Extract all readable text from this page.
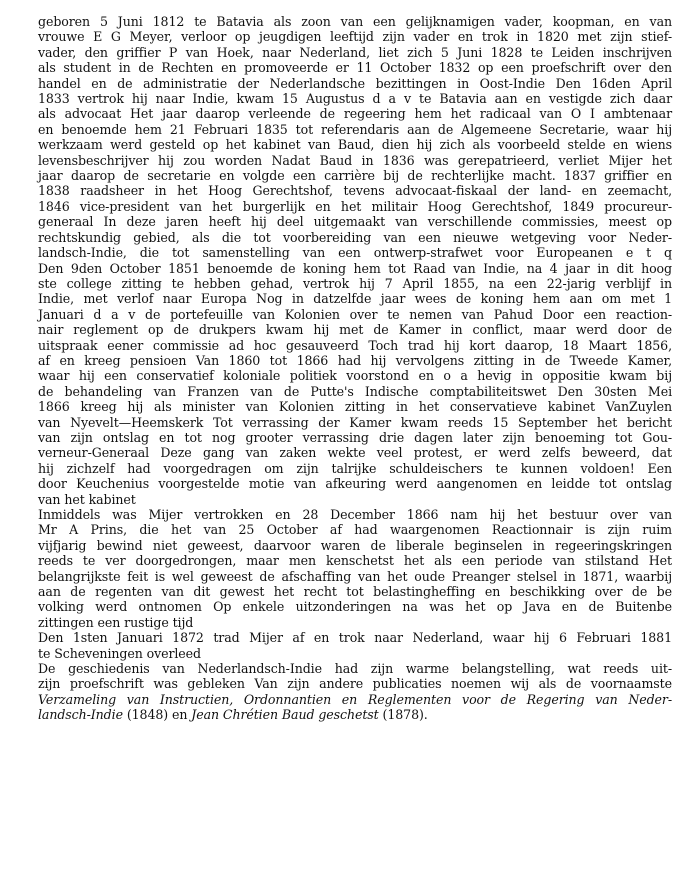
geboren 5 Juni 1812 te Batavia als zoon van een gelijknamigen vader, koopman, en van
vrouwe E G Meyer, verloor op jeugdigen leeftijd zijn vader en trok in 1820 met zijn stief-
vader, den griffier P van Hoek, naar Nederland, liet zich 5 Juni 1828 te Leiden inschrijven
als student in de Rechten en promoveerde er 11 October 1832 op een proefschrift over den
handel en de administratie der Nederlandsche bezittingen in Oost-Indie Den 16den April
1833 vertrok hij naar Indie, kwam 15 Augustus d a v te Batavia aan en vestigde zich daar
als advocaat Het jaar daarop verleende de regeering hem het radicaal van O I ambtenaar
en benoemde hem 21 Februari 1835 tot referendaris aan de Algemeene Secretarie, waar hij
werkzaam werd gesteld op het kabinet van Baud, dien hij zich als voorbeeld stelde en wiens
levensbeschrijver hij zou worden Nadat Baud in 1836 was gerepatrieerd, verliet Mijer het
jaar daarop de secretarie en volgde een carrière bij de rechterlijke macht. 1837 griffier en
1838 raadsheer in het Hoog Gerechtshof, tevens advocaat-fiskaal der land- en zeemacht,
1846 vice-president van het burgerlijk en het militair Hoog Gerechtshof, 1849 procureur-
generaal In deze jaren heeft hij deel uitgemaakt van verschillende commissies, meest op
rechtskundig gebied, als die tot voorbereiding van een nieuwe wetgeving voor Neder-
landsch-Indie, die tot samenstelling van een ontwerp-strafwet voor Europeanen e t q
Den 9den October 1851 benoemde de koning hem tot Raad van Indie, na 4 jaar in dit hoog
ste college zitting te hebben gehad, vertrok hij 7 April 1855, na een 22-jarig verblijf in
Indie, met verlof naar Europa Nog in datzelfde jaar wees de koning hem aan om met 1
Januari d a v de portefeuille van Kolonien over te nemen van Pahud Door een reaction-
nair reglement op de drukpers kwam hij met de Kamer in conflict, maar werd door de
uitspraak eener commissie ad hoc gesauveerd Toch trad hij kort daarop, 18 Maart 1856,
af en kreeg pensioen Van 1860 tot 1866 had hij vervolgens zitting in de Tweede Kamer,
waar hij een conservatief koloniale politiek voorstond en o a hevig in oppositie kwam bij
de behandeling van Franzen van de Putte's Indische comptabiliteitswet Den 30sten Mei
1866 kreeg hij als minister van Kolonien zitting in het conservatieve kabinet VanZuylen
van Nyevelt—Heemskerk Tot verrassing der Kamer kwam reeds 15 September het bericht
van zijn ontslag en tot nog grooter verrassing drie dagen later zijn benoeming tot Gou-
verneur-Generaal Deze gang van zaken wekte veel protest, er werd zelfs beweerd, dat
hij zichzelf had voorgedragen om zijn talrijke schuldeischers te kunnen voldoen! Een
door Keuchenius voorgestelde motie van afkeuring werd aangenomen en leidde tot ontslag
van het kabinet
Inmiddels was Mijer vertrokken en 28 December 1866 nam hij het bestuur over van
Mr A Prins, die het van 25 October af had waargenomen Reactionnair is zijn ruim
vijfjarig bewind niet geweest, daarvoor waren de liberale beginselen in regeeringskringen
reeds te ver doorgedrongen, maar men kenschetst het als een periode van stilstand Het
belangrijkste feit is wel geweest de afschaffing van het oude Preanger stelsel in 1871, waarbij
aan de regenten van dit gewest het recht tot belastingheffing en beschikking over de be
volking werd ontnomen Op enkele uitzonderingen na was het op Java en de Buitenbe
zittingen een rustige tijd
Den 1sten Januari 1872 trad Mijer af en trok naar Nederland, waar hij 6 Februari 1881
te Scheveningen overleed
De geschiedenis van Nederlandsch-Indie had zijn warme belangstelling, wat reeds uit-
zijn proefschrift was gebleken Van zijn andere publicaties noemen wij als de voornaamste
Verzameling van Instructien, Ordonnantien en Reglementen voor de Regering van Neder-
landsch-Indie (1848) en Jean Chrétien Baud geschetst (1878).
